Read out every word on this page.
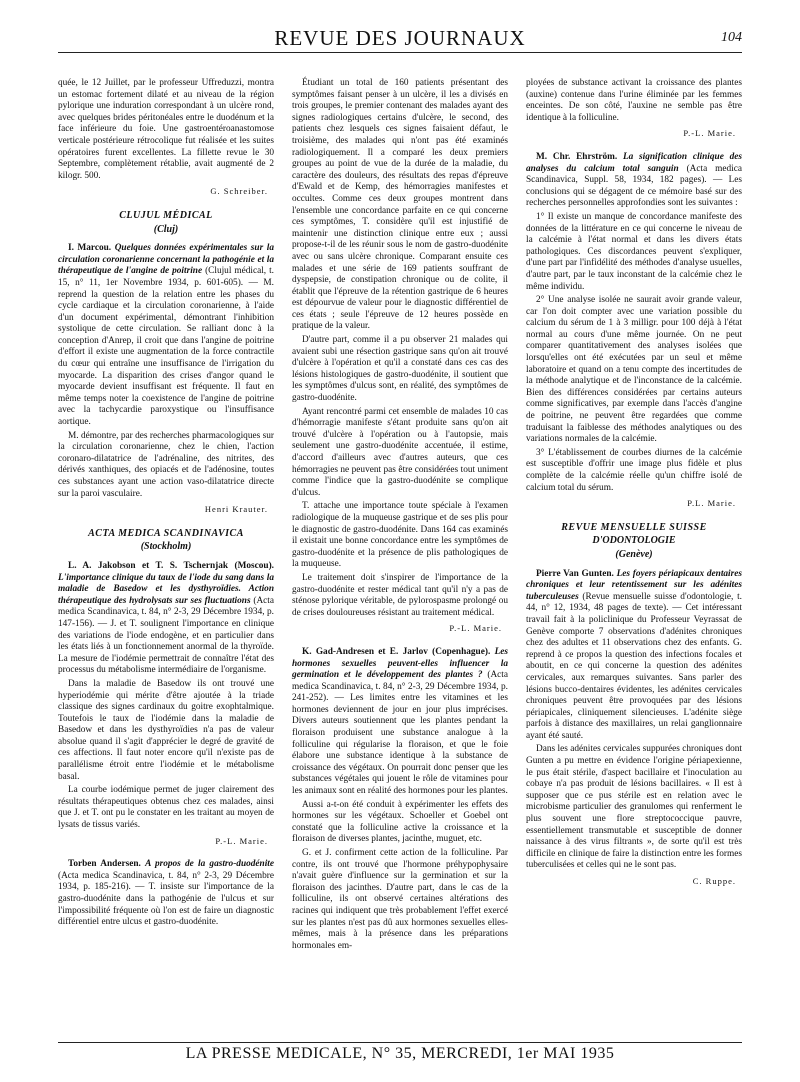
REVUE DES JOURNAUX	104

quée, le 12 Juillet, par le professeur Uffreduzzi, montra un estomac fortement dilaté et au niveau de la région pylorique une induration correspondant à un ulcère rond, avec quelques brides péritonéales entre le duodénum et la face inférieure du foie. Une gastroentéroanastomose verticale postérieure rétrocolique fut réalisée et les suites opératoires furent excellentes. La fillette revue le 30 Septembre, complètement rétablie, avait augmenté de 2 kilogr. 500.

G. Schreiber.
CLUJUL MÉDICAL
(Cluj)

I. Marcou. Quelques données expérimentales sur la circulation coronarienne concernant la pathogénie et la thérapeutique de l'angine de poitrine (Clujul médical, t. 15, n° 11, 1er Novembre 1934, p. 601-605). — M. reprend la question de la relation entre les phases du cycle cardiaque et la circulation coronarienne, à l'aide d'un document expérimental, démontrant l'inhibition systolique de cette circulation. Se ralliant donc à la conception d'Anrep, il croit que dans l'angine de poitrine d'effort il existe une augmentation de la force contractile du cœur qui entraîne une insuffisance de l'irrigation du myocarde. La disparition des crises d'angor quand le myocarde devient insuffisant est fréquente. Il faut en même temps noter la coexistence de l'angine de poitrine avec la tachycardie paroxystique ou l'insuffisance aortique.

M. démontre, par des recherches pharmacologiques sur la circulation coronarienne, chez le chien, l'action coronaro-dilatatrice de l'adrénaline, des nitrites, des dérivés xanthiques, des opiacés et de l'adénosine, toutes ces substances ayant une action vaso-dilatatrice directe sur la paroi vasculaire.

Henri Krauter.
ACTA MEDICA SCANDINAVICA
(Stockholm)

L. A. Jakobson et T. S. Tschernjak (Moscou). L'importance clinique du taux de l'iode du sang dans la maladie de Basedow et les dysthyroïdies. Action thérapeutique des hydrolysats sur ses fluctuations (Acta medica Scandinavica, t. 84, n° 2-3, 29 Décembre 1934, p. 147-156). — J. et T. soulignent l'importance en clinique des variations de l'iode endogène, et en particulier dans les états liés à un fonctionnement anormal de la thyroïde. La mesure de l'iodémie permettrait de connaître l'état des processus du métabolisme intermédiaire de l'organisme.

Dans la maladie de Basedow ils ont trouvé une hyperiodémie qui mérite d'être ajoutée à la triade classique des signes cardinaux du goitre exophtalmique. Toutefois le taux de l'iodémie dans la maladie de Basedow et dans les dysthyroïdies n'a pas de valeur absolue quand il s'agit d'apprécier le degré de gravité de ces affections. Il faut noter encore qu'il n'existe pas de parallélisme étroit entre l'iodémie et le métabolisme basal.

La courbe iodémique permet de juger clairement des résultats thérapeutiques obtenus chez ces malades, ainsi que J. et T. ont pu le constater en les traitant au moyen de lysats de tissus variés.

P.-L. Marie.

Torben Andersen. A propos de la gastro-duodénite (Acta medica Scandinavica, t. 84, n° 2-3, 29 Décembre 1934, p. 185-216). — T. insiste sur l'importance de la gastro-duodénite dans la pathogénie de l'ulcus et sur l'impossibilité fréquente où l'on est de faire un diagnostic différentiel entre ulcus et gastro-duodénite.

Étudiant un total de 160 patients présentant des symptômes faisant penser à un ulcère, il les a divisés en trois groupes, le premier contenant des malades ayant des signes radiologiques certains d'ulcère, le second, des patients chez lesquels ces signes faisaient défaut, le troisième, des malades qui n'ont pas été examinés radiologiquement. Il a comparé les deux premiers groupes au point de vue de la durée de la maladie, du caractère des douleurs, des résultats des repas d'épreuve d'Ewald et de Kemp, des hémorragies manifestes et occultes. Comme ces deux groupes montrent dans l'ensemble une concordance parfaite en ce qui concerne ces symptômes, T. considère qu'il est injustifié de maintenir une distinction clinique entre eux ; aussi propose-t-il de les réunir sous le nom de gastro-duodénite avec ou sans ulcère chronique. Comparant ensuite ces malades et une série de 169 patients souffrant de dyspepsie, de constipation chronique ou de colite, il établit que l'épreuve de la rétention gastrique de 6 heures est dépourvue de valeur pour le diagnostic différentiel de ces états ; seule l'épreuve de 12 heures possède en pratique de la valeur.

D'autre part, comme il a pu observer 21 malades qui avaient subi une résection gastrique sans qu'on ait trouvé d'ulcère à l'opération et qu'il a constaté dans ces cas des lésions histologiques de gastro-duodénite, il soutient que les symptômes d'ulcus sont, en réalité, des symptômes de gastro-duodénite.

Ayant rencontré parmi cet ensemble de malades 10 cas d'hémorragie manifeste s'étant produite sans qu'on ait trouvé d'ulcère à l'opération ou à l'autopsie, mais seulement une gastro-duodénite accentuée, il estime, d'accord d'ailleurs avec d'autres auteurs, que ces hémorragies ne peuvent pas être considérées tout uniment comme l'indice que la gastro-duodénite se complique d'ulcus.

T. attache une importance toute spéciale à l'examen radiologique de la muqueuse gastrique et de ses plis pour le diagnostic de gastro-duodénite. Dans 164 cas examinés il existait une bonne concordance entre les symptômes de gastro-duodénite et la présence de plis pathologiques de la muqueuse.

Le traitement doit s'inspirer de l'importance de la gastro-duodénite et rester médical tant qu'il n'y a pas de sténose pylorique véritable, de pylorospasme prolongé ou de crises douloureuses résistant au traitement médical.

P.-L. Marie.

K. Gad-Andresen et E. Jarlov (Copenhague). Les hormones sexuelles peuvent-elles influencer la germination et le développement des plantes ? (Acta medica Scandinavica, t. 84, n° 2-3, 29 Décembre 1934, p. 241-252). — Les limites entre les vitamines et les hormones deviennent de jour en jour plus imprécises. Divers auteurs soutiennent que les plantes pendant la floraison produisent une substance analogue à la folliculine qui régularise la floraison, et que le foie élabore une substance identique à la substance de croissance des végétaux. On pourrait donc penser que les substances végétales qui jouent le rôle de vitamines pour les animaux sont en réalité des hormones pour les plantes.

Aussi a-t-on été conduit à expérimenter les effets des hormones sur les végétaux. Schoeller et Goebel ont constaté que la folliculine active la croissance et la floraison de diverses plantes, jacinthe, muguet, etc.

G. et J. confirment cette action de la folliculine. Par contre, ils ont trouvé que l'hormone préhypophysaire n'avait guère d'influence sur la germination et sur la floraison des jacinthes. D'autre part, dans le cas de la folliculine, ils ont observé certaines altérations des racines qui indiquent que très probablement l'effet exercé sur les plantes n'est pas dû aux hormones sexuelles elles-mêmes, mais à la présence dans les préparations hormonales em-

ployées de substance activant la croissance des plantes (auxine) contenue dans l'urine éliminée par les femmes enceintes. De son côté, l'auxine ne semble pas être identique à la folliculine.

P.-L. Marie.

M. Chr. Ehrström. La signification clinique des analyses du calcium total sanguin (Acta medica Scandinavica, Suppl. 58, 1934, 182 pages). — Les conclusions qui se dégagent de ce mémoire basé sur des recherches personnelles approfondies sont les suivantes :

1° Il existe un manque de concordance manifeste des données de la littérature en ce qui concerne le niveau de la calcémie à l'état normal et dans les divers états pathologiques. Ces discordances peuvent s'expliquer, d'une part par l'infidélité des méthodes d'analyse usuelles, d'autre part, par le taux inconstant de la calcémie chez le même individu.

2° Une analyse isolée ne saurait avoir grande valeur, car l'on doit compter avec une variation possible du calcium du sérum de 1 à 3 milligr. pour 100 déjà à l'état normal au cours d'une même journée. On ne peut comparer quantitativement des analyses isolées que lorsqu'elles ont été exécutées par un seul et même laboratoire et quand on a tenu compte des incertitudes de la méthode analytique et de l'inconstance de la calcémie. Bien des différences considérées par certains auteurs comme significatives, par exemple dans l'accès d'angine de poitrine, ne peuvent être regardées que comme traduisant la faiblesse des méthodes analytiques ou des variations normales de la calcémie.

3° L'établissement de courbes diurnes de la calcémie est susceptible d'offrir une image plus fidèle et plus complète de la calcémie réelle qu'un chiffre isolé de calcium total du sérum.

P.L. Marie.
REVUE MENSUELLE SUISSE
D'ODONTOLOGIE
(Genève)

Pierre Van Gunten. Les foyers périapicaux dentaires chroniques et leur retentissement sur les adénites tuberculeuses (Revue mensuelle suisse d'odontologie, t. 44, n° 12, 1934, 48 pages de texte). — Cet intéressant travail fait à la policlinique du Professeur Veyrassat de Genève comporte 7 observations d'adénites chroniques chez des adultes et 11 observations chez des enfants. G. reprend à ce propos la question des infections focales et aboutit, en ce qui concerne la question des adénites cervicales, aux remarques suivantes. Sans parler des lésions bucco-dentaires évidentes, les adénites cervicales chroniques peuvent être provoquées par des lésions périapicales, cliniquement silencieuses. L'adénite siège parfois à distance des maxillaires, un relai ganglionnaire ayant été sauté.

Dans les adénites cervicales suppurées chroniques dont Gunten a pu mettre en évidence l'origine périapexienne, le pus était stérile, d'aspect bacillaire et l'inoculation au cobaye n'a pas produit de lésions bacillaires. « Il est à supposer que ce pus stérile est en relation avec le microbisme particulier des granulomes qui renferment le plus souvent une flore streptococcique pauvre, essentiellement transmutable et susceptible de donner naissance à des virus filtrants », de sorte qu'il est très difficile en clinique de faire la distinction entre les formes tuberculisées et celles qui ne le sont pas.

C. Ruppe.
LA PRESSE MEDICALE, N° 35, MERCREDI, 1er MAI 1935
